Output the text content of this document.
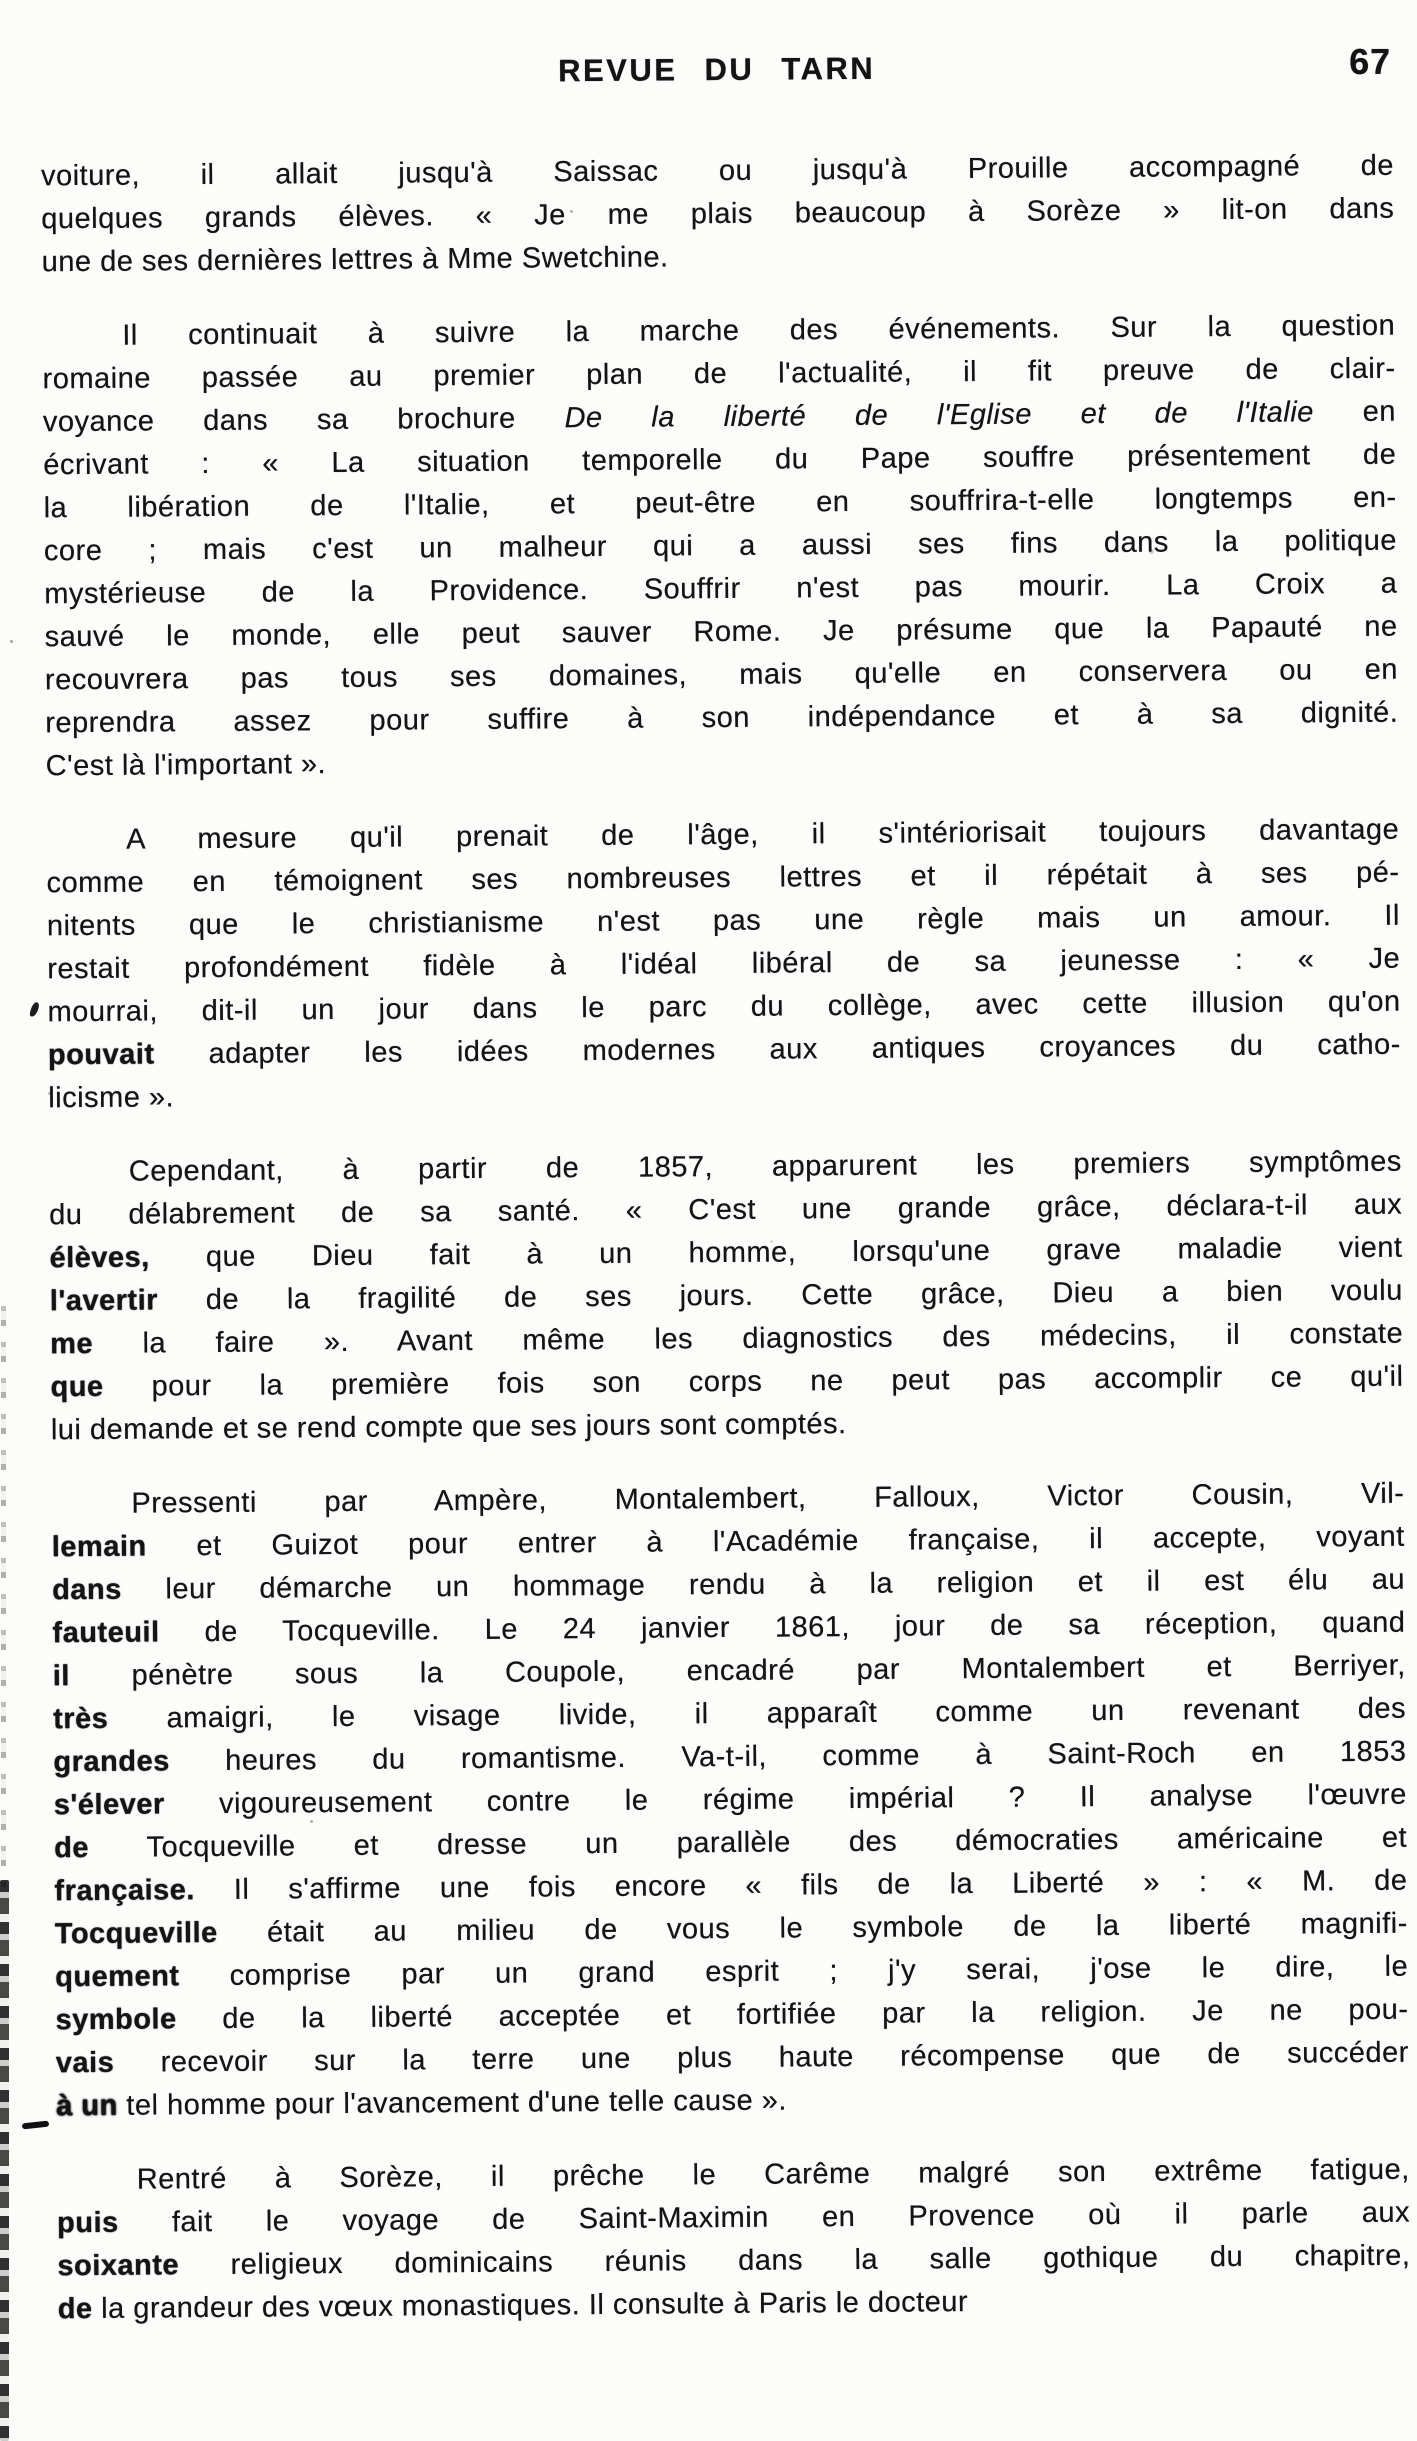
REVUE DU TARN	67

voiture, il allait jusqu'à Saissac ou jusqu'à Prouille accompagné de
quelques grands élèves. « Je me plais beaucoup à Sorèze » lit-on dans
une de ses dernières lettres à Mme Swetchine.

Il continuait à suivre la marche des événements. Sur la question
romaine passée au premier plan de l'actualité, il fit preuve de clair-
voyance dans sa brochure De la liberté de l'Eglise et de l'Italie en
écrivant : « La situation temporelle du Pape souffre présentement de
la libération de l'Italie, et peut-être en souffrira-t-elle longtemps en-
core ; mais c'est un malheur qui a aussi ses fins dans la politique
mystérieuse de la Providence. Souffrir n'est pas mourir. La Croix a
sauvé le monde, elle peut sauver Rome. Je présume que la Papauté ne
recouvrera pas tous ses domaines, mais qu'elle en conservera ou en
reprendra assez pour suffire à son indépendance et à sa dignité.
C'est là l'important ».

A mesure qu'il prenait de l'âge, il s'intériorisait toujours davantage
comme en témoignent ses nombreuses lettres et il répétait à ses pé-
nitents que le christianisme n'est pas une règle mais un amour. Il
restait profondément fidèle à l'idéal libéral de sa jeunesse : « Je
mourrai, dit-il un jour dans le parc du collège, avec cette illusion qu'on
pouvait adapter les idées modernes aux antiques croyances du catho-
licisme ».

Cependant, à partir de 1857, apparurent les premiers symptômes
du délabrement de sa santé. « C'est une grande grâce, déclara-t-il aux
élèves, que Dieu fait à un homme, lorsqu'une grave maladie vient
l'avertir de la fragilité de ses jours. Cette grâce, Dieu a bien voulu
me la faire ». Avant même les diagnostics des médecins, il constate
que pour la première fois son corps ne peut pas accomplir ce qu'il
lui demande et se rend compte que ses jours sont comptés.

Pressenti par Ampère, Montalembert, Falloux, Victor Cousin, Vil-
lemain et Guizot pour entrer à l'Académie française, il accepte, voyant
dans leur démarche un hommage rendu à la religion et il est élu au
fauteuil de Tocqueville. Le 24 janvier 1861, jour de sa réception, quand
il pénètre sous la Coupole, encadré par Montalembert et Berriyer,
très amaigri, le visage livide, il apparaît comme un revenant des
grandes heures du romantisme. Va-t-il, comme à Saint-Roch en 1853
s'élever vigoureusement contre le régime impérial ? Il analyse l'œuvre
de Tocqueville et dresse un parallèle des démocraties américaine et
française. Il s'affirme une fois encore « fils de la Liberté » : « M. de
Tocqueville était au milieu de vous le symbole de la liberté magnifi-
quement comprise par un grand esprit ; j'y serai, j'ose le dire, le
symbole de la liberté acceptée et fortifiée par la religion. Je ne pou-
vais recevoir sur la terre une plus haute récompense que de succéder
à un tel homme pour l'avancement d'une telle cause ».

Rentré à Sorèze, il prêche le Carême malgré son extrême fatigue,
puis fait le voyage de Saint-Maximin en Provence où il parle aux
soixante religieux dominicains réunis dans la salle gothique du chapitre,
de la grandeur des vœux monastiques. Il consulte à Paris le docteur
